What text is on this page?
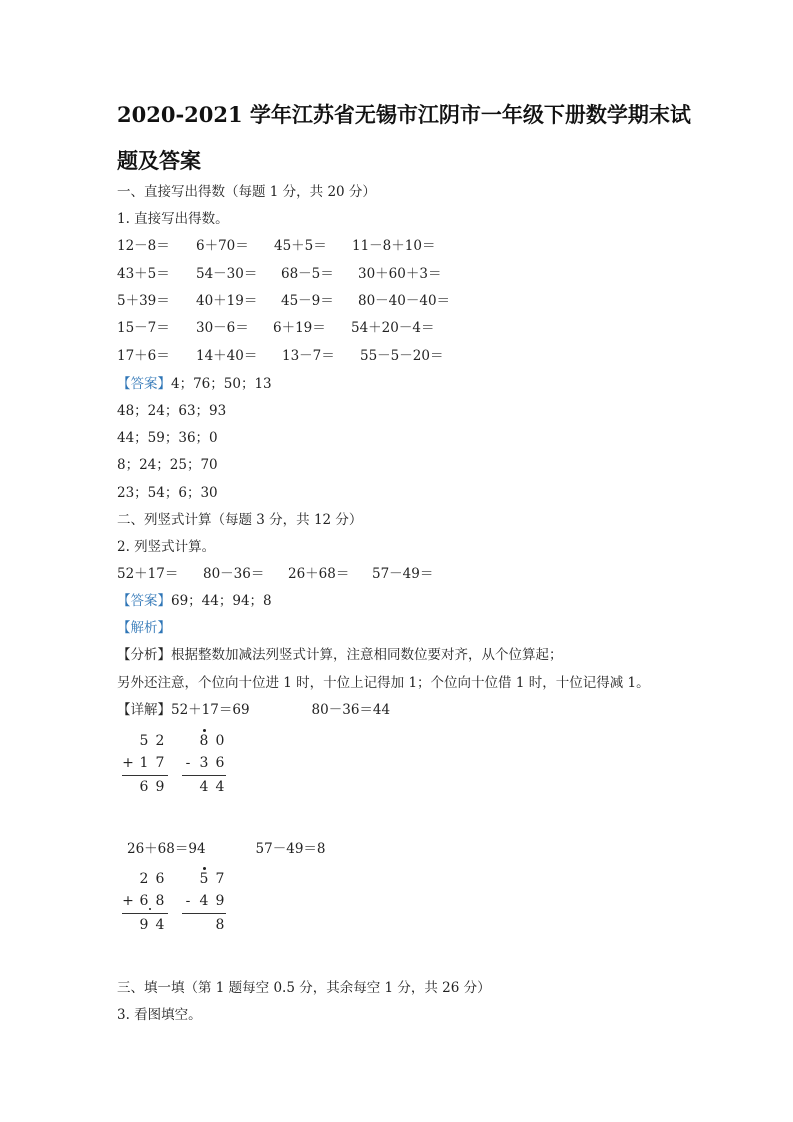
2020-2021 学年江苏省无锡市江阴市一年级下册数学期末试题及答案
一、直接写出得数（每题 1 分，共 20 分）
1. 直接写出得数。
12－8＝ 6＋70＝ 45＋5＝ 11－8＋10＝
43＋5＝ 54－30＝ 68－5＝ 30＋60＋3＝
5＋39＝ 40＋19＝ 45－9＝ 80－40－40＝
15－7＝ 30－6＝ 6＋19＝ 54＋20－4＝
17＋6＝ 14＋40＝ 13－7＝ 55－5－20＝
【答案】4；76；50；13
48；24；63；93
44；59；36；0
8；24；25；70
23；54；6；30
二、列竖式计算（每题 3 分，共 12 分）
2. 列竖式计算。
52＋17＝ 80－36＝ 26＋68＝ 57－49＝
【答案】69；44；94；8
【解析】
【分析】根据整数加减法列竖式计算，注意相同数位要对齐，从个位算起；
另外还注意，个位向十位进 1 时，十位上记得加 1；个位向十位借 1 时，十位记得减 1。
【详解】52＋17＝69	80－36＝44
5 2
+ 1 7
6 9
8 0
- 3 6
4 4
26＋68＝94	57－49＝8
2 6
+ 6 8
9 4
5 7
- 4 9
8
三、填一填（第 1 题每空 0.5 分，其余每空 1 分，共 26 分）
3. 看图填空。
